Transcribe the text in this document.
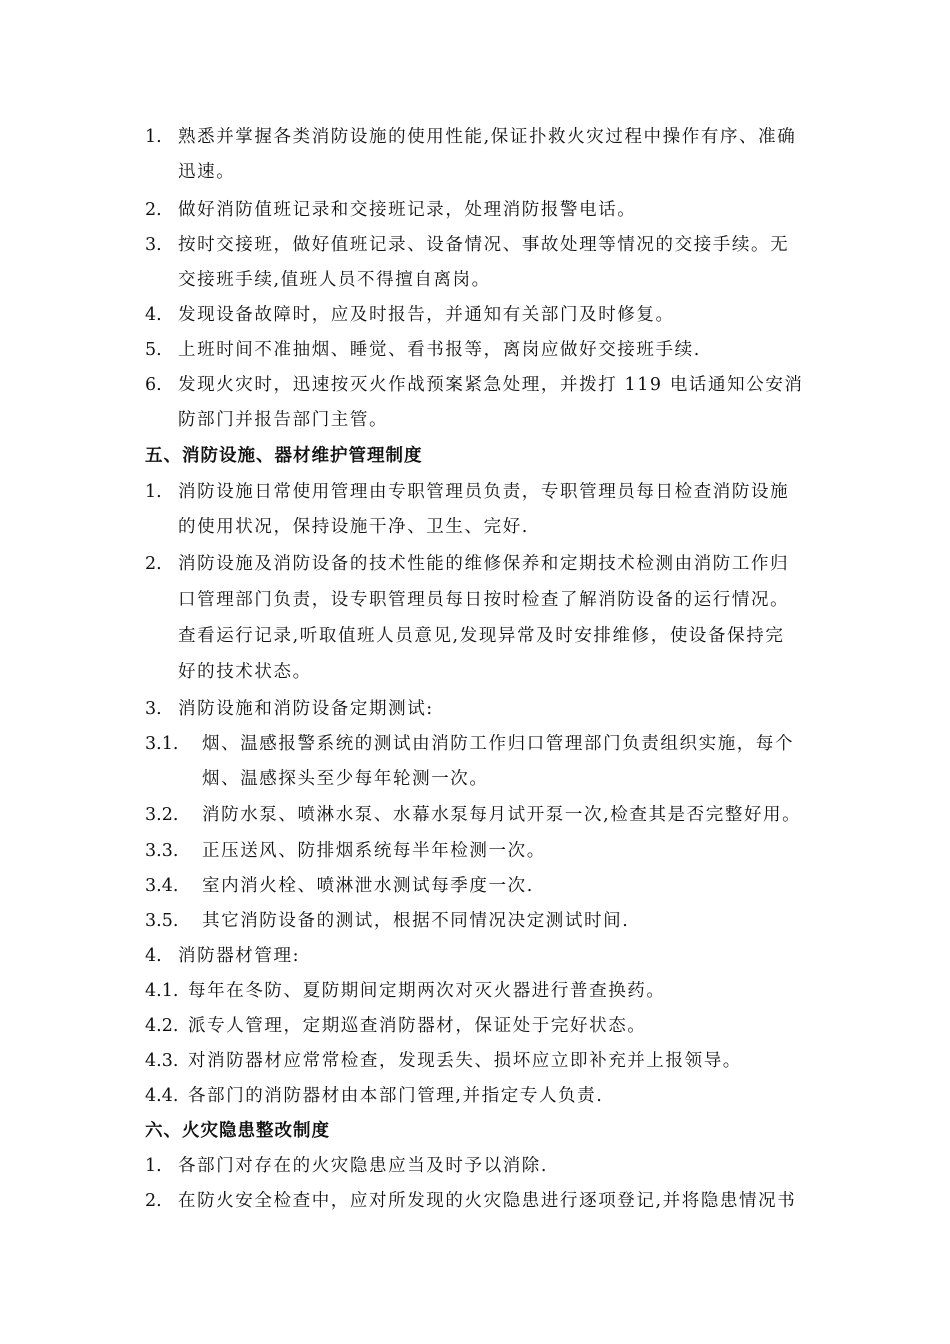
1. 熟悉并掌握各类消防设施的使用性能,保证扑救火灾过程中操作有序、准确
迅速。
2. 做好消防值班记录和交接班记录，处理消防报警电话。
3. 按时交接班，做好值班记录、设备情况、事故处理等情况的交接手续。无
交接班手续,值班人员不得擅自离岗。
4. 发现设备故障时，应及时报告，并通知有关部门及时修复。
5. 上班时间不准抽烟、睡觉、看书报等，离岗应做好交接班手续.
6. 发现火灾时，迅速按灭火作战预案紧急处理，并拨打 119 电话通知公安消
防部门并报告部门主管。
五、消防设施、器材维护管理制度
1. 消防设施日常使用管理由专职管理员负责，专职管理员每日检查消防设施
的使用状况，保持设施干净、卫生、完好.
2. 消防设施及消防设备的技术性能的维修保养和定期技术检测由消防工作归
口管理部门负责，设专职管理员每日按时检查了解消防设备的运行情况。
查看运行记录,听取值班人员意见,发现异常及时安排维修，使设备保持完
好的技术状态。
3. 消防设施和消防设备定期测试:
3.1. 烟、温感报警系统的测试由消防工作归口管理部门负责组织实施，每个
烟、温感探头至少每年轮测一次。
3.2. 消防水泵、喷淋水泵、水幕水泵每月试开泵一次,检查其是否完整好用。
3.3. 正压送风、防排烟系统每半年检测一次。
3.4. 室内消火栓、喷淋泄水测试每季度一次.
3.5. 其它消防设备的测试，根据不同情况决定测试时间.
4. 消防器材管理:
4.1. 每年在冬防、夏防期间定期两次对灭火器进行普查换药。
4.2. 派专人管理，定期巡查消防器材，保证处于完好状态。
4.3. 对消防器材应常常检查，发现丢失、损坏应立即补充并上报领导。
4.4. 各部门的消防器材由本部门管理,并指定专人负责.
六、火灾隐患整改制度
1. 各部门对存在的火灾隐患应当及时予以消除.
2. 在防火安全检查中，应对所发现的火灾隐患进行逐项登记,并将隐患情况书
